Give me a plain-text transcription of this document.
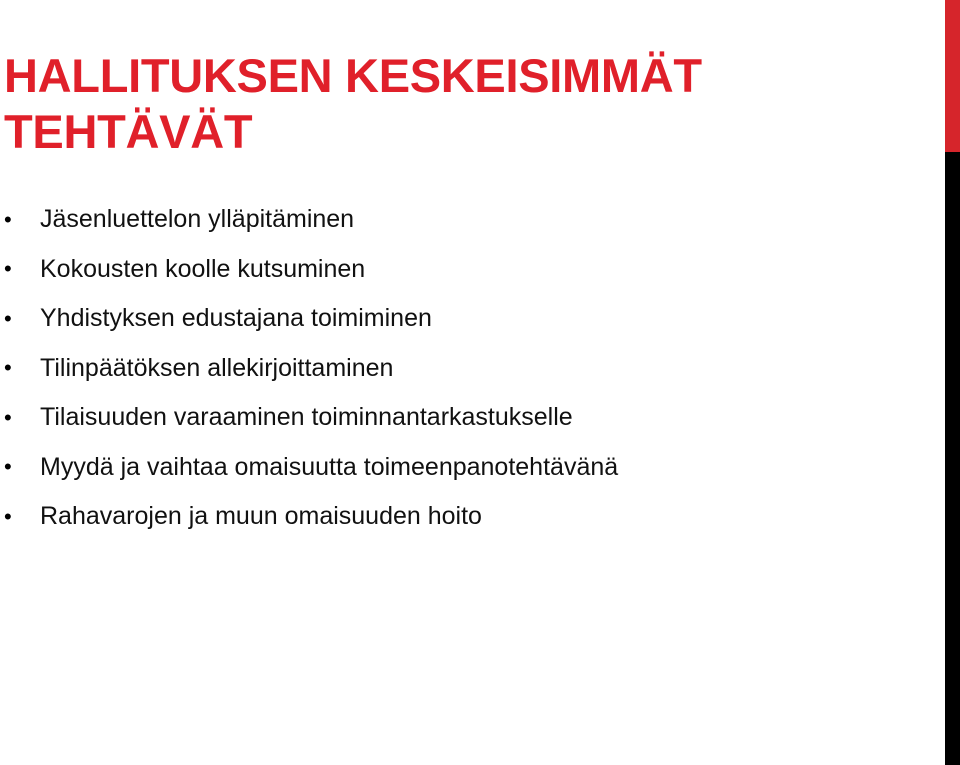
HALLITUKSEN KESKEISIMMÄT TEHTÄVÄT
• Jäsenluettelon ylläpitäminen
• Kokousten koolle kutsuminen
• Yhdistyksen edustajana toimiminen
• Tilinpäätöksen allekirjoittaminen
• Tilaisuuden varaaminen toiminnantarkastukselle
• Myydä ja vaihtaa omaisuutta toimeenpanotehtävänä
• Rahavarojen ja muun omaisuuden hoito
